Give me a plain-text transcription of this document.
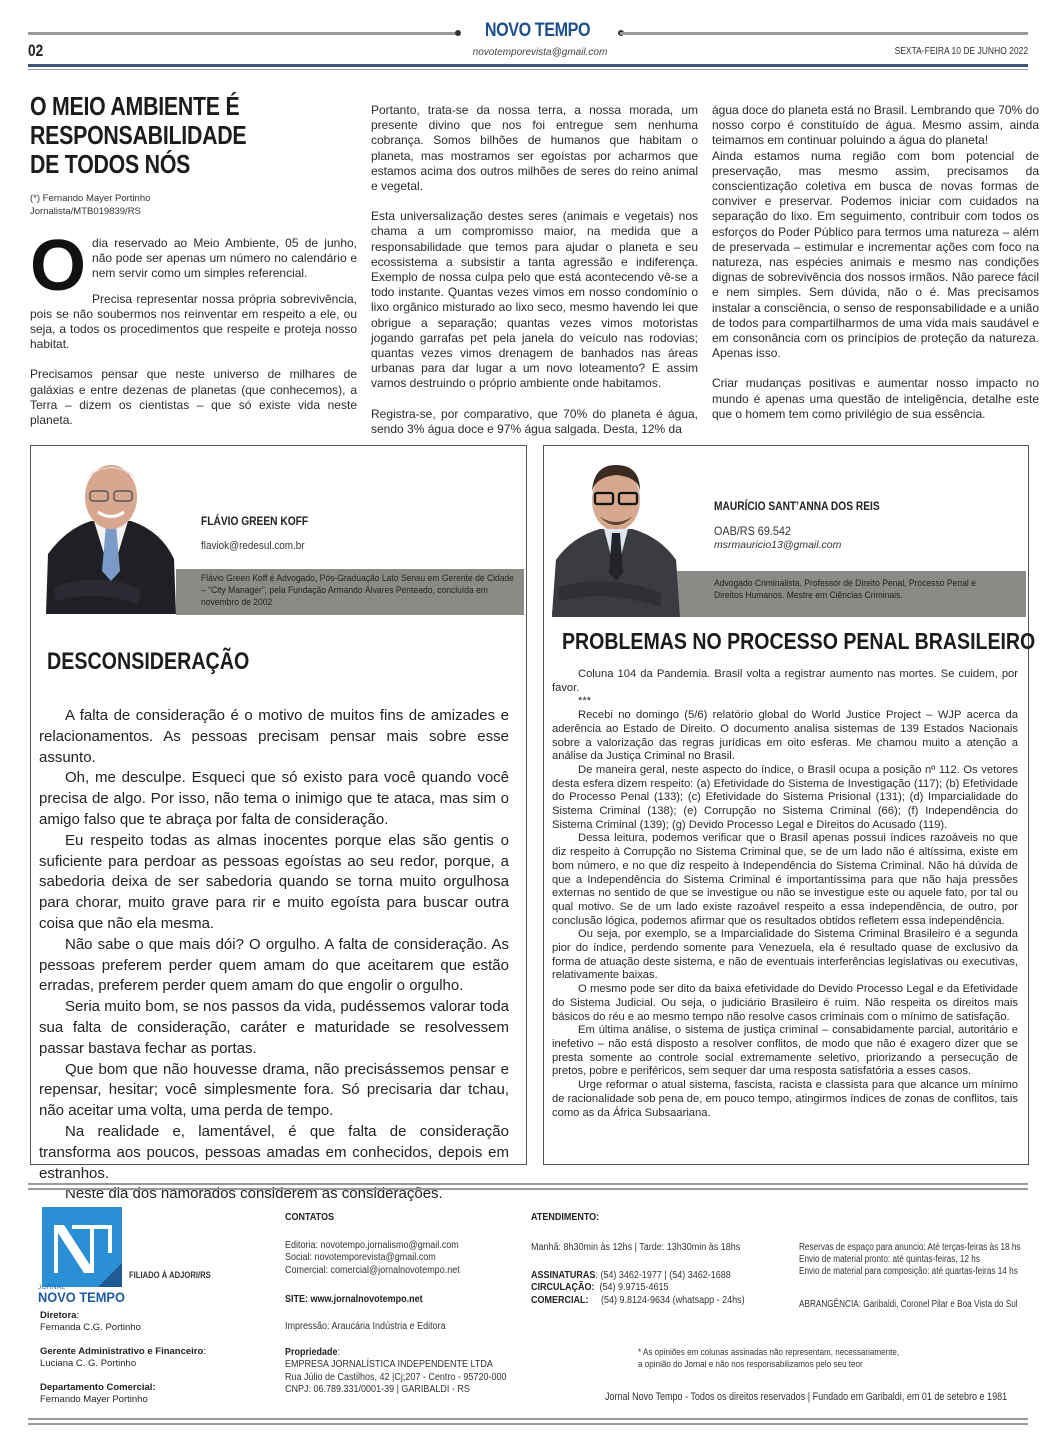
NOVO TEMPO
novotemporevista@gmail.com
02	SEXTA-FEIRA 10 DE JUNHO 2022
O MEIO AMBIENTE É
RESPONSABILIDADE
DE TODOS NÓS
(*) Fernando Mayer Portinho
Jornalista/MTB019839/RS

Odia reservado ao Meio Ambiente, 05 de junho, não pode ser apenas um número no calendário e nem servir como um simples referencial.

Precisa representar nossa própria sobrevivência, pois se não soubermos nos reinventar em respeito a ele, ou seja, a todos os procedimentos que respeite e proteja nosso habitat.

Precisamos pensar que neste universo de milhares de galáxias e entre dezenas de planetas (que conhecemos), a Terra – dizem os cientistas – que só existe vida neste planeta.

Portanto, trata-se da nossa terra, a nossa morada, um presente divino que nos foi entregue sem nenhuma cobrança. Somos bilhões de humanos que habitam o planeta, mas mostramos ser egoístas por acharmos que estamos acima dos outros milhões de seres do reino animal e vegetal.

Esta universalização destes seres (animais e vegetais) nos chama a um compromisso maior, na medida que a responsabilidade que temos para ajudar o planeta e seu ecossistema a subsistir a tanta agressão e indiferença. Exemplo de nossa culpa pelo que está acontecendo vê-se a todo instante. Quantas vezes vimos em nosso condomínio o lixo orgânico misturado ao lixo seco, mesmo havendo lei que obrigue a separação; quantas vezes vimos motoristas jogando garrafas pet pela janela do veículo nas rodovias; quantas vezes vimos drenagem de banhados nas áreas urbanas para dar lugar a um novo loteamento? E assim vamos destruindo o próprio ambiente onde habitamos.

Registra-se, por comparativo, que 70% do planeta é água, sendo 3% água doce e 97% água salgada. Desta, 12% da

água doce do planeta está no Brasil. Lembrando que 70% do nosso corpo é constituído de água. Mesmo assim, ainda teimamos em continuar poluindo a água do planeta!

Ainda estamos numa região com bom potencial de preservação, mas mesmo assim, precisamos da conscientização coletiva em busca de novas formas de conviver e preservar. Podemos iniciar com cuidados na separação do lixo. Em seguimento, contribuir com todos os esforços do Poder Público para termos uma natureza – além de preservada – estimular e incrementar ações com foco na natureza, nas espécies animais e mesmo nas condições dignas de sobrevivência dos nossos irmãos. Não parece fácil e nem simples. Sem dúvida, não o é. Mas precisamos instalar a consciência, o senso de responsabilidade e a união de todos para compartilharmos de uma vida mais saudável e em consonância com os princípios de proteção da natureza. Apenas isso.

Criar mudanças positivas e aumentar nosso impacto no mundo é apenas uma questão de inteligência, detalhe este que o homem tem como privilégio de sua essência.

FLÁVIO GREEN KOFF
flaviok@redesul.com.br
Flávio Green Koff é Advogado, Pós-Graduação Lato Sensu em Gerente de Cidade – “City Manager”, pela Fundação Armando Álvares Penteado, concluída em novembro de 2002
DESCONSIDERAÇÃO

A falta de consideração é o motivo de muitos fins de amizades e relacionamentos. As pessoas precisam pensar mais sobre esse assunto.

Oh, me desculpe. Esqueci que só existo para você quando você precisa de algo. Por isso, não tema o inimigo que te ataca, mas sim o amigo falso que te abraça por falta de consideração.

Eu respeito todas as almas inocentes porque elas são gentis o suficiente para perdoar as pessoas egoístas ao seu redor, porque, a sabedoria deixa de ser sabedoria quando se torna muito orgulhosa para chorar, muito grave para rir e muito egoísta para buscar outra coisa que não ela mesma.

Não sabe o que mais dói? O orgulho. A falta de consideração. As pessoas preferem perder quem amam do que aceitarem que estão erradas, preferem perder quem amam do que engolir o orgulho.

Seria muito bom, se nos passos da vida, pudéssemos valorar toda sua falta de consideração, caráter e maturidade se resolvessem passar bastava fechar as portas.

Que bom que não houvesse drama, não precisássemos pensar e repensar, hesitar; você simplesmente fora. Só precisaria dar tchau, não aceitar uma volta, uma perda de tempo.

Na realidade e, lamentável, é que falta de consideração transforma aos poucos, pessoas amadas em conhecidos, depois em estranhos.

Neste dia dos namorados considerem as considerações.

MAURÍCIO SANT’ANNA DOS REIS
OAB/RS 69.542
msrmauricio13@gmail.com
Advogado Criminalista. Professor de Direito Penal, Processo Penal e Direitos Humanos. Mestre em Ciências Criminais.
PROBLEMAS NO PROCESSO PENAL BRASILEIRO

Coluna 104 da Pandemia. Brasil volta a registrar aumento nas mortes. Se cuidem, por favor.

***

Recebi no domingo (5/6) relatório global do World Justice Project – WJP acerca da aderência ao Estado de Direito. O documento analisa sistemas de 139 Estados Nacionais sobre a valorização das regras jurídicas em oito esferas. Me chamou muito a atenção a análise da Justiça Criminal no Brasil.

De maneira geral, neste aspecto do índice, o Brasil ocupa a posição nº 112. Os vetores desta esfera dizem respeito: (a) Efetividade do Sistema de Investigação (117); (b) Efetividade do Processo Penal (133); (c) Efetividade do Sistema Prisional (131); (d) Imparcialidade do Sistema Criminal (138); (e) Corrupção no Sistema Criminal (66); (f) Independência do Sistema Criminal (139); (g) Devido Processo Legal e Direitos do Acusado (119).

Dessa leitura, podemos verificar que o Brasil apenas possui índices razoáveis no que diz respeito à Corrupção no Sistema Criminal que, se de um lado não é altíssima, existe em bom número, e no que diz respeito à Independência do Sistema Criminal. Não há dúvida de que a Independência do Sistema Criminal é importantíssima para que não haja pressões externas no sentido de que se investigue ou não se investigue este ou aquele fato, por tal ou qual motivo. Se de um lado existe razoável respeito a essa independência, de outro, por conclusão lógica, podemos afirmar que os resultados obtidos refletem essa independência.

Ou seja, por exemplo, se a Imparcialidade do Sistema Criminal Brasileiro é a segunda pior do índice, perdendo somente para Venezuela, ela é resultado quase de exclusivo da forma de atuação deste sistema, e não de eventuais interferências legislativas ou executivas, relativamente baixas.

O mesmo pode ser dito da baixa efetividade do Devido Processo Legal e da Efetividade do Sistema Judicial. Ou seja, o judiciário Brasileiro é ruim. Não respeita os direitos mais básicos do réu e ao mesmo tempo não resolve casos criminais com o mínimo de satisfação.

Em última análise, o sistema de justiça criminal – consabidamente parcial, autoritário e inefetivo – não está disposto a resolver conflitos, de modo que não é exagero dizer que se presta somente ao controle social extremamente seletivo, priorizando a persecução de pretos, pobre e periféricos, sem sequer dar uma resposta satisfatória a esses casos.

Urge reformar o atual sistema, fascista, racista e classista para que alcance um mínimo de racionalidade sob pena de, em pouco tempo, atingirmos índices de zonas de conflitos, tais como as da África Subsaariana.

JORNAL
NOVO TEMPO
FILIADO À ADJORI/RS
Diretora:
Fernanda C.G. Portinho
Gerente Administrativo e Financeiro:
Luciana C. G. Portinho
Departamento Comercial:
Fernando Mayer Portinho
CONTATOS
Editoria: novotempo.jornalismo@gmail.com
Social: novotemporevista@gmail.com
Comercial: comercial@jornalnovotempo.net
SITE: www.jornalnovotempo.net
Impressão: Araucária Indústria e Editora
Propriedade:
EMPRESA JORNALÍSTICA INDEPENDENTE LTDA
Rua Júlio de Castilhos, 42 |Cj;207 - Centro - 95720-000
CNPJ: 06.789.331/0001-39 | GARIBALDI - RS
ATENDIMENTO:
Manhã: 8h30min às 12hs | Tarde: 13h30min às 18hs
ASSINATURAS: (54) 3462-1977 | (54) 3462-1688
CIRCULAÇÃO: (54) 9.9715-4615
COMERCIAL: (54) 9.8124-9634 (whatsapp - 24hs)
Reservas de espaço para anuncio: Até terças-feiras às 18 hs
Envio de material pronto: até quintas-feiras, 12 hs
Envio de material para composição: até quartas-feiras 14 hs
ABRANGÊNCIA: Garibaldi, Coronel Pilar e Boa Vista do Sul
* As opiniões em colunas assinadas não representam, necessariamente,
a opinião do Jornal e não nos responsabilizamos pelo seu teor
Jornal Novo Tempo - Todos os direitos reservados | Fundado em Garibaldi, em 01 de setebro e 1981
